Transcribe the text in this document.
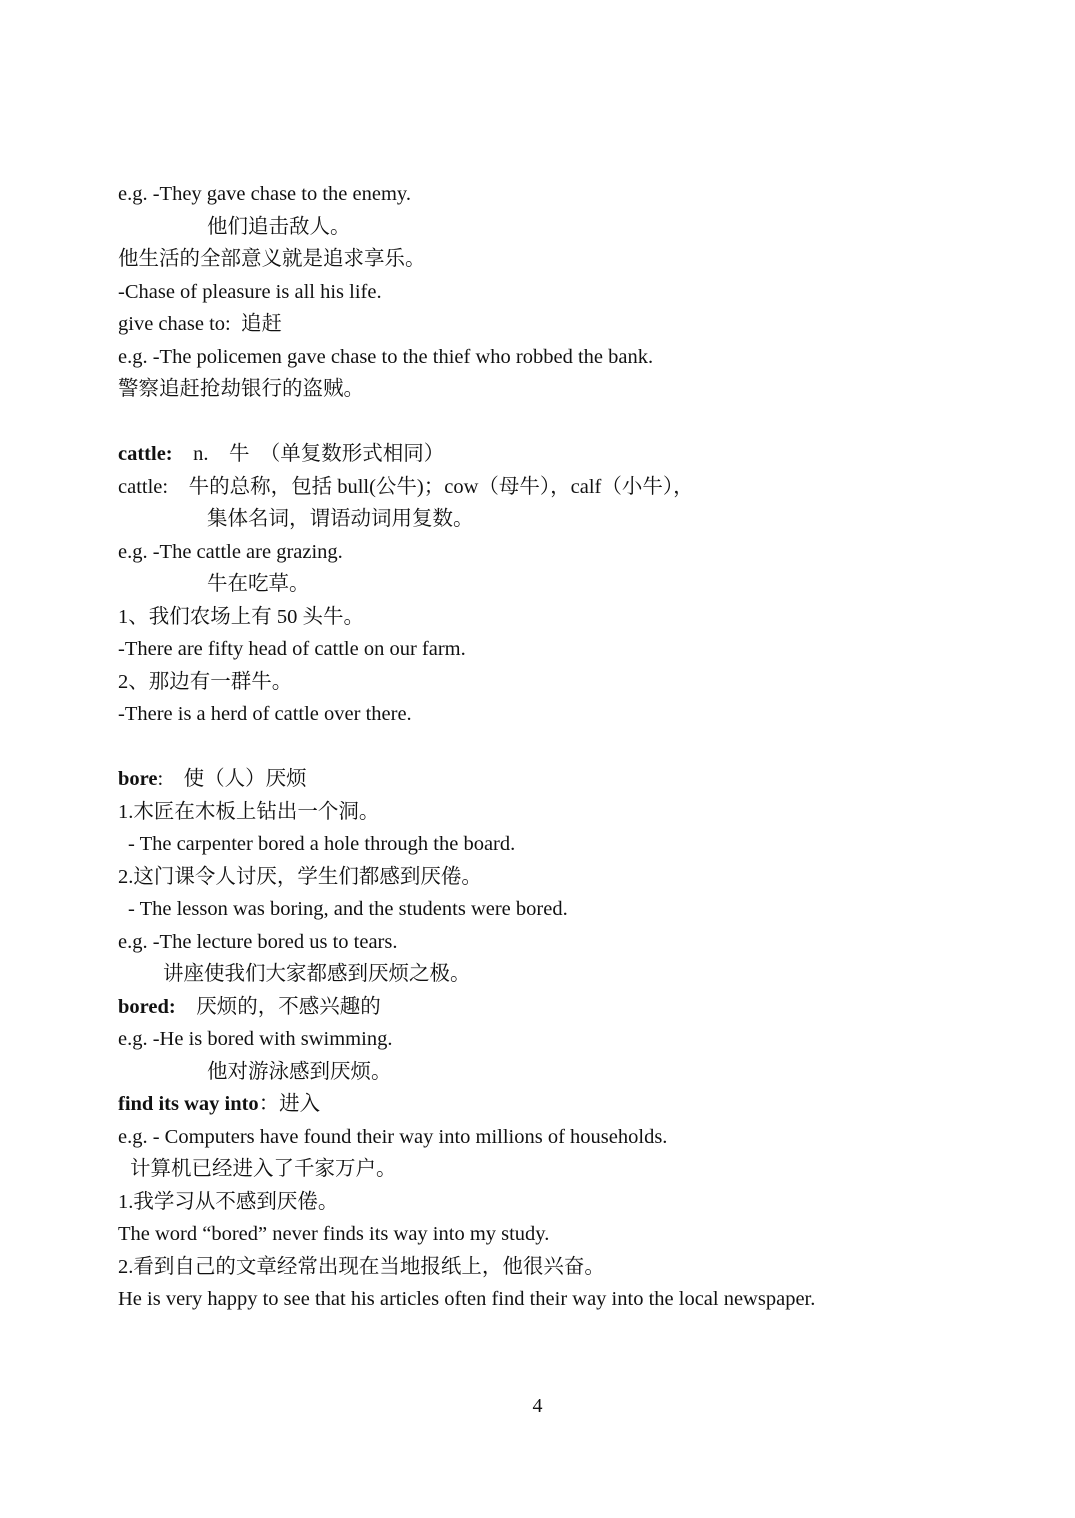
e.g. -They gave chase to the enemy.
他们追击敌人。
他生活的全部意义就是追求享乐。
-Chase of pleasure is all his life.
give chase to:  追赶
e.g. -The policemen gave chase to the thief who robbed the bank.
警察追赶抢劫银行的盗贼。
cattle:    n.    牛  （单复数形式相同）
cattle:    牛的总称，包括 bull(公牛)；cow（母牛），calf（小牛），
集体名词，谓语动词用复数。
e.g. -The cattle are grazing.
牛在吃草。
1、我们农场上有 50 头牛。
-There are fifty head of cattle on our farm.
2、那边有一群牛。
-There is a herd of cattle over there.
bore:    使（人）厌烦
1.木匠在木板上钻出一个洞。
- The carpenter bored a hole through the board.
2.这门课令人讨厌，学生们都感到厌倦。
- The lesson was boring, and the students were bored.
e.g. -The lecture bored us to tears.
讲座使我们大家都感到厌烦之极。
bored:    厌烦的，不感兴趣的
e.g. -He is bored with swimming.
他对游泳感到厌烦。
find its way into：进入
e.g. - Computers have found their way into millions of households.
计算机已经进入了千家万户。
1.我学习从不感到厌倦。
The word “bored” never finds its way into my study.
2.看到自己的文章经常出现在当地报纸上，他很兴奋。
He is very happy to see that his articles often find their way into the local newspaper.
4
